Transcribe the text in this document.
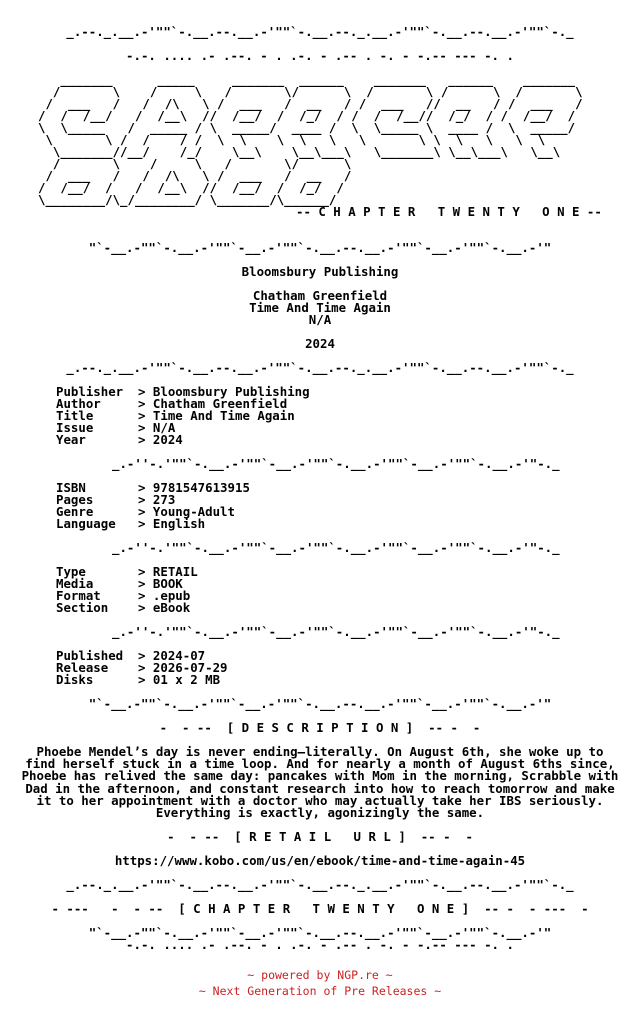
_.--._.__.-'""`-.__.--.__.-'""`-.__.--._.__.-'""`-.__.--.__.-'""`-._

-.-. .... .- .--. - . .-. - .-- . -. - -.-- --- -. .

_______      _____     _______  ______    _______   ______    _______
/       \    /     \   /       \/      \  /       \ /      \  /       \
/  ___   /   /  /\   \ /  ___   /  __   / /  ___   //  __   / /  ___   /
/  /  /__/   /  /__\  //  /__/  /  /_/  / /  /  /__//  /_/  / /  /__/  /
\  \_____   /  _____ / \  _____/  ____ /  \  \_____ \  ____ /  \  _____/
\       \ /  /    / /  \  \    \  \   \   \       \ \  \   \   \  \
\_______//__/    /_/    \__\    \__\___\   \_______\ \__\___\   \__\
/       \    /     \   /       \/      \
/  ___   /   /  /\   \ /  ___   /  __   /
/  /__/  /   /  /__\  //  /__/  /  /_/  /
\________/\_/________/ \_______/\______/
-- C H A P T E R   T W E N T Y   O N E --

"`-__.-""`-.__.-'""`-__.-'""`-.__.--.__.-'""`-__.-'""`-.__.-'"

Bloomsbury Publishing

Chatham Greenfield
Time And Time Again
N/A

2024

_.--._.__.-'""`-.__.--.__.-'""`-.__.--._.__.-'""`-.__.--.__.-'""`-._

Publisher > Bloomsbury Publishing
Author	> Chatham Greenfield
Title	> Time And Time Again
Issue	> N/A
Year	> 2024

_.-''-.'""`-.__.-'""`-__.-'""`-.__.-'""`-__.-'""`-.__.-'"-._

ISBN	> 9781547613915
Pages	> 273
Genre	> Young-Adult
Language > English

_.-''-.'""`-.__.-'""`-__.-'""`-.__.-'""`-__.-'""`-.__.-'"-._

Type	> RETAIL
Media	> BOOK
Format	> .epub
Section > eBook

_.-''-.'""`-.__.-'""`-__.-'""`-.__.-'""`-__.-'""`-.__.-'"-._

Published > 2024-07
Release > 2026-07-29
Disks	> 01 x 2 MB

"`-__.-""`-.__.-'""`-__.-'""`-.__.--.__.-'""`-__.-'""`-.__.-'"

-  - --  [ D E S C R I P T I O N ]  -- -  -

Phoebe Mendel’s day is never ending—literally. On August 6th, she woke up to find herself stuck in a time loop. And for nearly a month of August 6ths since, Phoebe has relived the same day: pancakes with Mom in the morning, Scrabble with Dad in the afternoon, and constant research into how to reach tomorrow and make it to her appointment with a doctor who may actually take her IBS seriously. Everything is exactly, agonizingly the same.

-  - --  [ R E T A I L   U R L ]  -- -  -

https://www.kobo.com/us/en/ebook/time-and-time-again-45

_.--._.__.-'""`-.__.--.__.-'""`-.__.--._.__.-'""`-.__.--.__.-'""`-._

- ---   -  - --  [ C H A P T E R   T W E N T Y   O N E ]  -- -  - ---  -

"`-__.-""`-.__.-'""`-__.-'""`-.__.--.__.-'""`-__.-'""`-.__.-'"
-.-. .... .- .--. - . .-. - .-- . -. - -.-- --- -. .
~ powered by NGP.re ~
~ Next Generation of Pre Releases ~
